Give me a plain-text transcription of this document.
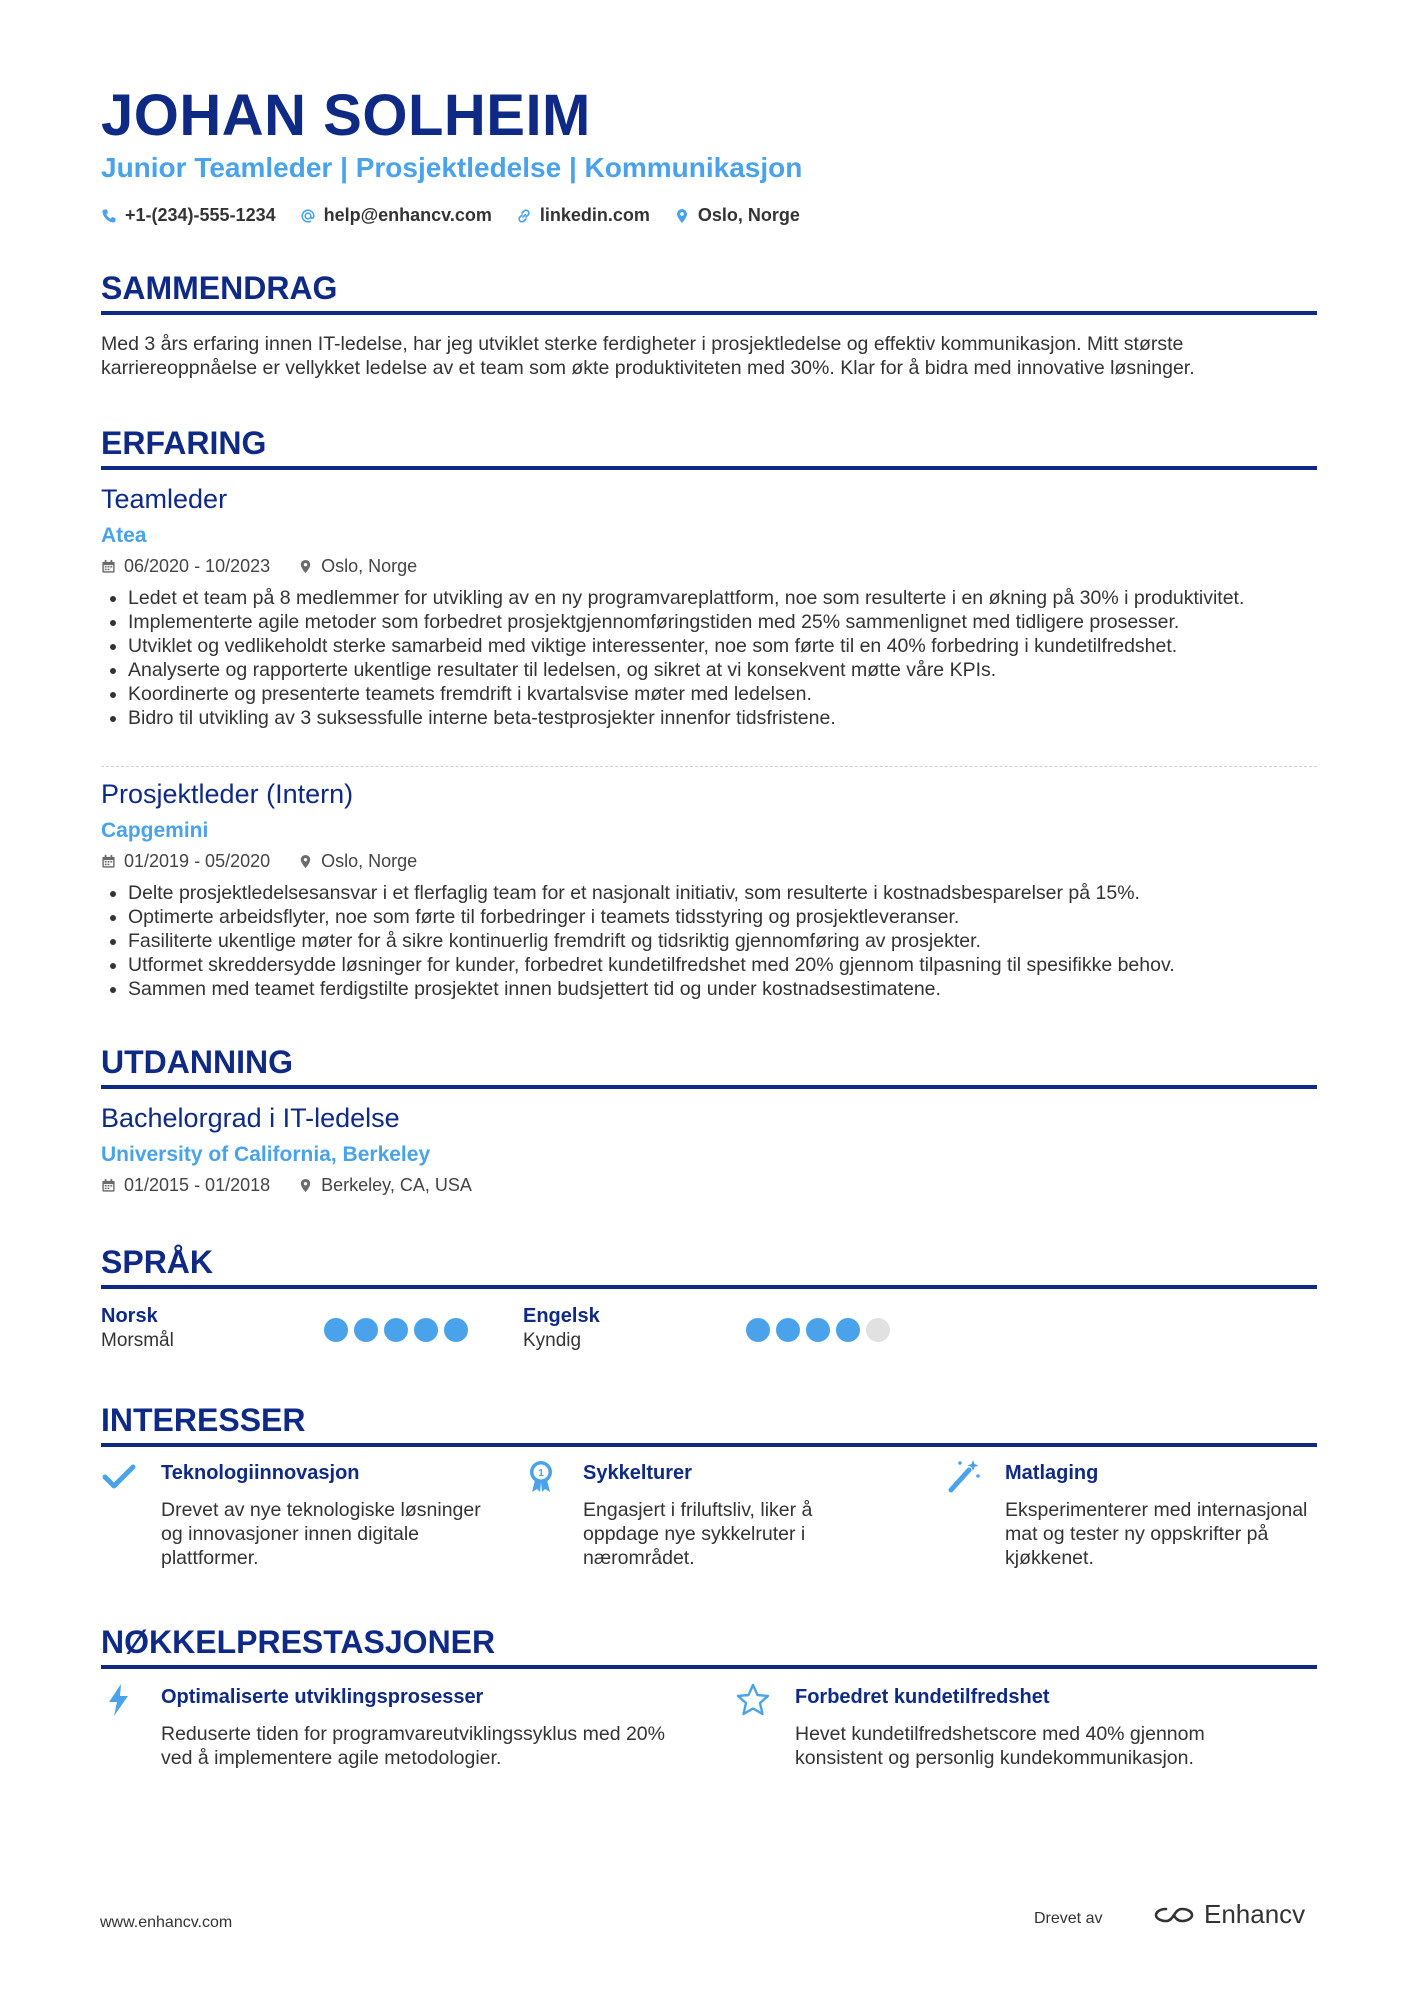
JOHAN SOLHEIM
Junior Teamleder | Prosjektledelse | Kommunikasjon
+1-(234)-555-1234	help@enhancv.com	linkedin.com	Oslo, Norge
SAMMENDRAG
Med 3 års erfaring innen IT-ledelse, har jeg utviklet sterke ferdigheter i prosjektledelse og effektiv kommunikasjon. Mitt største karriereoppnåelse er vellykket ledelse av et team som økte produktiviteten med 30%. Klar for å bidra med innovative løsninger.
ERFARING
Teamleder
Atea
06/2020 - 10/2023	Oslo, Norge
• Ledet et team på 8 medlemmer for utvikling av en ny programvareplattform, noe som resulterte i en økning på 30% i produktivitet.
• Implementerte agile metoder som forbedret prosjektgjennomføringstiden med 25% sammenlignet med tidligere prosesser.
• Utviklet og vedlikeholdt sterke samarbeid med viktige interessenter, noe som førte til en 40% forbedring i kundetilfredshet.
• Analyserte og rapporterte ukentlige resultater til ledelsen, og sikret at vi konsekvent møtte våre KPIs.
• Koordinerte og presenterte teamets fremdrift i kvartalsvise møter med ledelsen.
• Bidro til utvikling av 3 suksessfulle interne beta-testprosjekter innenfor tidsfristene.
Prosjektleder (Intern)
Capgemini
01/2019 - 05/2020	Oslo, Norge
• Delte prosjektledelsesansvar i et flerfaglig team for et nasjonalt initiativ, som resulterte i kostnadsbesparelser på 15%.
• Optimerte arbeidsflyter, noe som førte til forbedringer i teamets tidsstyring og prosjektleveranser.
• Fasiliterte ukentlige møter for å sikre kontinuerlig fremdrift og tidsriktig gjennomføring av prosjekter.
• Utformet skreddersydde løsninger for kunder, forbedret kundetilfredshet med 20% gjennom tilpasning til spesifikke behov.
• Sammen med teamet ferdigstilte prosjektet innen budsjettert tid og under kostnadsestimatene.
UTDANNING
Bachelorgrad i IT-ledelse
University of California, Berkeley
01/2015 - 01/2018	Berkeley, CA, USA
SPRÅK
Norsk
Morsmål
Engelsk
Kyndig
INTERESSER
Teknologiinnovasjon
Drevet av nye teknologiske løsninger og innovasjoner innen digitale plattformer.
1 Sykkelturer
Engasjert i friluftsliv, liker å oppdage nye sykkelruter i nærområdet.
Matlaging
Eksperimenterer med internasjonal mat og tester ny oppskrifter på kjøkkenet.
NØKKELPRESTASJONER
Optimaliserte utviklingsprosesser
Reduserte tiden for programvareutviklingssyklus med 20% ved å implementere agile metodologier.
Forbedret kundetilfredshet
Hevet kundetilfredshetscore med 40% gjennom konsistent og personlig kundekommunikasjon.
www.enhancv.com	Drevet av	Enhancv
